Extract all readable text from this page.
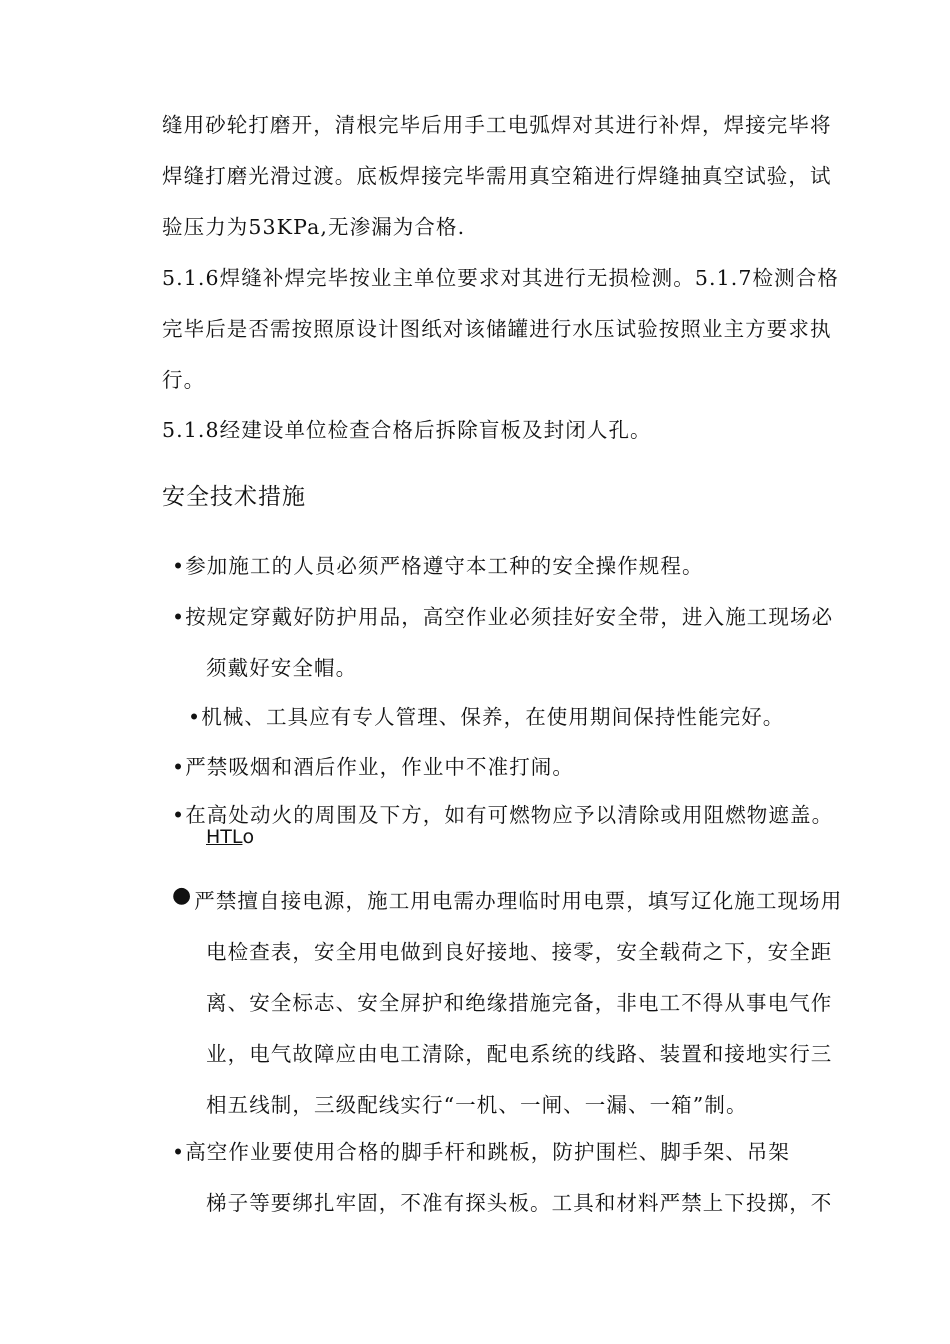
缝用砂轮打磨开，清根完毕后用手工电弧焊对其进行补焊，焊接完毕将
焊缝打磨光滑过渡。底板焊接完毕需用真空箱进行焊缝抽真空试验，试
验压力为53KPa,无渗漏为合格.
5.1.6焊缝补焊完毕按业主单位要求对其进行无损检测。5.1.7检测合格
完毕后是否需按照原设计图纸对该储罐进行水压试验按照业主方要求执
行。
5.1.8经建设单位检查合格后拆除盲板及封闭人孔。
安全技术措施
•参加施工的人员必须严格遵守本工种的安全操作规程。
•按规定穿戴好防护用品，高空作业必须挂好安全带，进入施工现场必
须戴好安全帽。
•机械、工具应有专人管理、保养，在使用期间保持性能完好。
•严禁吸烟和酒后作业，作业中不准打闹。
•在高处动火的周围及下方，如有可燃物应予以清除或用阻燃物遮盖。
HTLo
●严禁擅自接电源，施工用电需办理临时用电票，填写辽化施工现场用
电检查表，安全用电做到良好接地、接零，安全载荷之下，安全距
离、安全标志、安全屏护和绝缘措施完备，非电工不得从事电气作
业，电气故障应由电工清除，配电系统的线路、装置和接地实行三
相五线制，三级配线实行“一机、一闸、一漏、一箱”制。
•高空作业要使用合格的脚手杆和跳板，防护围栏、脚手架、吊架
梯子等要绑扎牢固，不准有探头板。工具和材料严禁上下投掷，不
